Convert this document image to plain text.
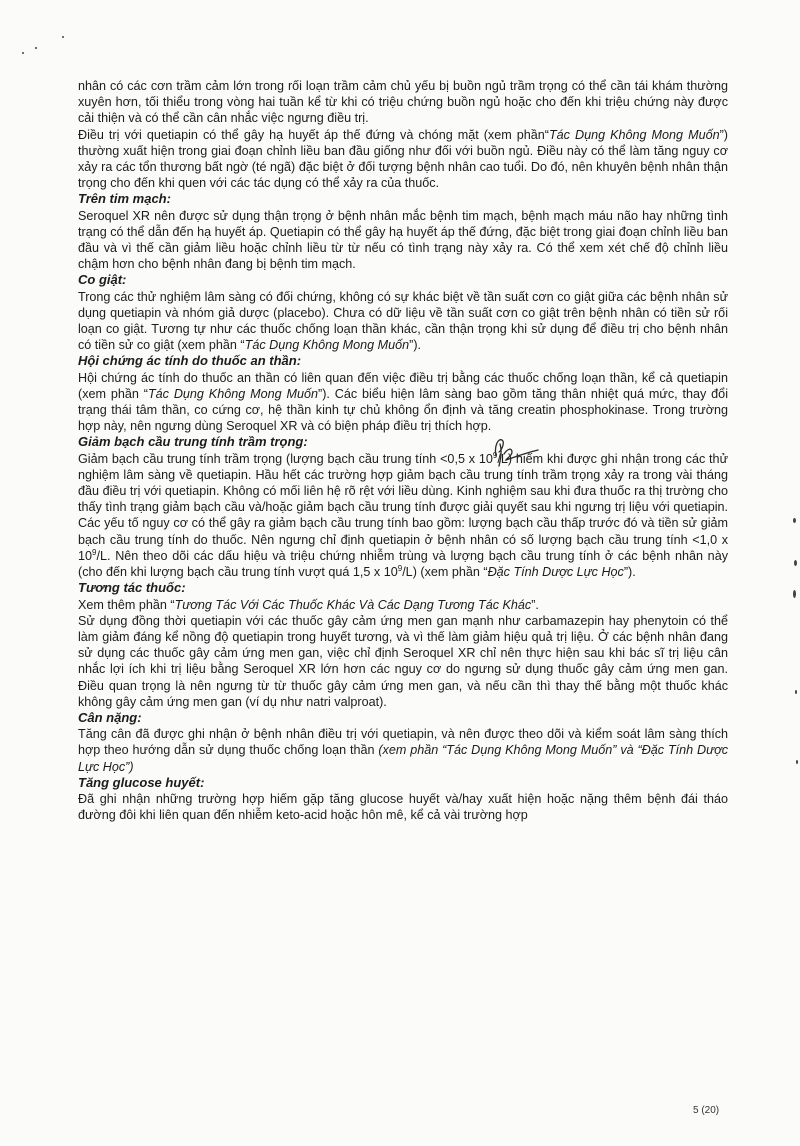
nhân có các cơn trầm cảm lớn trong rối loạn trầm cảm chủ yếu bị buồn ngủ trầm trọng có thể cần tái khám thường xuyên hơn, tối thiểu trong vòng hai tuần kể từ khi có triệu chứng buồn ngủ hoặc cho đến khi triệu chứng này được cải thiện và có thể cần cân nhắc việc ngưng điều trị.

Điều trị với quetiapin có thể gây hạ huyết áp thế đứng và chóng mặt (xem phần“Tác Dụng Không Mong Muốn”) thường xuất hiện trong giai đoạn chỉnh liều ban đầu giống như đối với buồn ngủ. Điều này có thể làm tăng nguy cơ xảy ra các tổn thương bất ngờ (té ngã) đặc biệt ở đối tượng bệnh nhân cao tuổi. Do đó, nên khuyên bệnh nhân thận trọng cho đến khi quen với các tác dụng có thể xảy ra của thuốc.

Trên tim mạch:

Seroquel XR nên được sử dụng thận trọng ở bệnh nhân mắc bệnh tim mạch, bệnh mạch máu não hay những tình trạng có thể dẫn đến hạ huyết áp. Quetiapin có thể gây hạ huyết áp thế đứng, đặc biệt trong giai đoạn chỉnh liều ban đầu và vì thế cần giảm liều hoặc chỉnh liều từ từ nếu có tình trạng này xảy ra. Có thể xem xét chế độ chỉnh liều chậm hơn cho bệnh nhân đang bị bệnh tim mạch.

Co giật:

Trong các thử nghiệm lâm sàng có đối chứng, không có sự khác biệt về tần suất cơn co giật giữa các bệnh nhân sử dụng quetiapin và nhóm giả dược (placebo). Chưa có dữ liệu về tần suất cơn co giật trên bệnh nhân có tiền sử rối loạn co giật. Tương tự như các thuốc chống loạn thần khác, cần thận trọng khi sử dụng để điều trị cho bệnh nhân có tiền sử co giật (xem phần “Tác Dụng Không Mong Muốn”).

Hội chứng ác tính do thuốc an thần:

Hội chứng ác tính do thuốc an thần có liên quan đến việc điều trị bằng các thuốc chống loạn thần, kể cả quetiapin (xem phần “Tác Dụng Không Mong Muốn”). Các biểu hiện lâm sàng bao gồm tăng thân nhiệt quá mức, thay đổi trạng thái tâm thần, co cứng cơ, hệ thần kinh tự chủ không ổn định và tăng creatin phosphokinase. Trong trường hợp này, nên ngưng dùng Seroquel XR và có biện pháp điều trị thích hợp.

Giảm bạch cầu trung tính trầm trọng:

Giảm bạch cầu trung tính trầm trọng (lượng bạch cầu trung tính <0,5 x $10^9/L$) hiếm khi được ghi nhận trong các thử nghiệm lâm sàng về quetiapin. Hầu hết các trường hợp giảm bạch cầu trung tính trầm trọng xảy ra trong vài tháng đầu điều trị với quetiapin. Không có mối liên hệ rõ rệt với liều dùng. Kinh nghiệm sau khi đưa thuốc ra thị trường cho thấy tình trạng giảm bạch cầu và/hoặc giảm bạch cầu trung tính được giải quyết sau khi ngưng trị liệu với quetiapin. Các yếu tố nguy cơ có thể gây ra giảm bạch cầu trung tính bao gồm: lượng bạch cầu thấp trước đó và tiền sử giảm bạch cầu trung tính do thuốc. Nên ngưng chỉ định quetiapin ở bệnh nhân có số lượng bạch cầu trung tính <1,0 x $10^9/L$. Nên theo dõi các dấu hiệu và triệu chứng nhiễm trùng và lượng bạch cầu trung tính ở các bệnh nhân này (cho đến khi lượng bạch cầu trung tính vượt quá 1,5 x $10^9/L$) (xem phần “Đặc Tính Dược Lực Học”).

Tương tác thuốc:

Xem thêm phần “Tương Tác Với Các Thuốc Khác Và Các Dạng Tương Tác Khác”.

Sử dụng đồng thời quetiapin với các thuốc gây cảm ứng men gan mạnh như carbamazepin hay phenytoin có thể làm giảm đáng kể nồng độ quetiapin trong huyết tương, và vì thế làm giảm hiệu quả trị liệu. Ở các bệnh nhân đang sử dụng các thuốc gây cảm ứng men gan, việc chỉ định Seroquel XR chỉ nên thực hiện sau khi bác sĩ trị liệu cân nhắc lợi ích khi trị liệu bằng Seroquel XR lớn hơn các nguy cơ do ngưng sử dụng thuốc gây cảm ứng men gan. Điều quan trọng là nên ngưng từ từ thuốc gây cảm ứng men gan, và nếu cần thì thay thế bằng một thuốc khác không gây cảm ứng men gan (ví dụ như natri valproat).

Cân nặng:

Tăng cân đã được ghi nhận ở bệnh nhân điều trị với quetiapin, và nên được theo dõi và kiểm soát lâm sàng thích hợp theo hướng dẫn sử dụng thuốc chống loạn thần (xem phần “Tác Dụng Không Mong Muốn” và “Đặc Tính Dược Lực Học”)

Tăng glucose huyết:

Đã ghi nhận những trường hợp hiếm gặp tăng glucose huyết và/hay xuất hiện hoặc nặng thêm bệnh đái tháo đường đôi khi liên quan đến nhiễm keto-acid hoặc hôn mê, kể cả vài trường hợp

5 (20)
